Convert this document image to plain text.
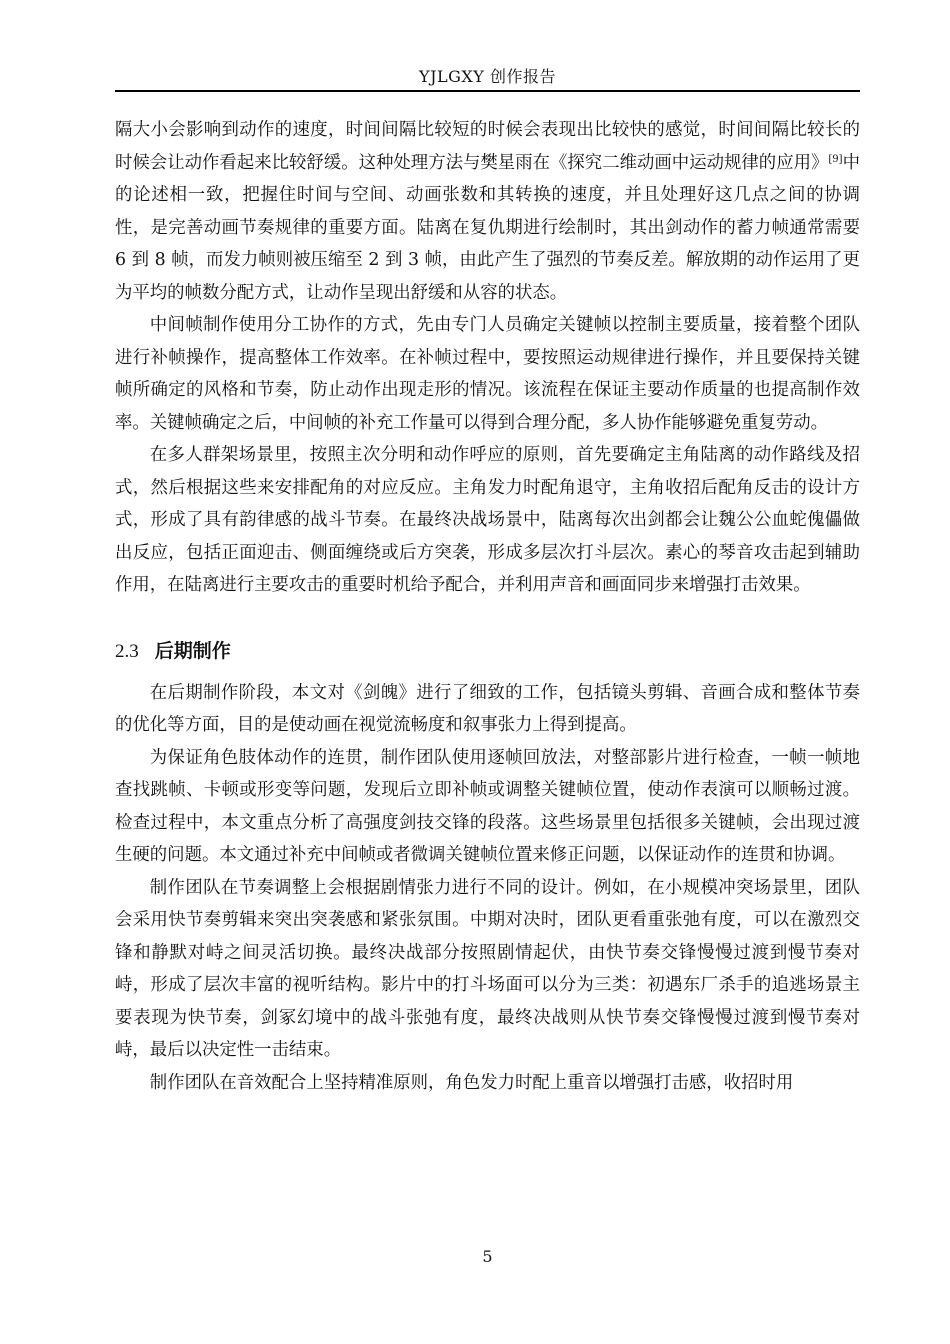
YJLGXY 创作报告

隔大小会影响到动作的速度，时间间隔比较短的时候会表现出比较快的感觉，时间间隔比较长的时候会让动作看起来比较舒缓。这种处理方法与樊星雨在《探究二维动画中运动规律的应用》[9]中的论述相一致，把握住时间与空间、动画张数和其转换的速度，并且处理好这几点之间的协调性，是完善动画节奏规律的重要方面。陆离在复仇期进行绘制时，其出剑动作的蓄力帧通常需要 6 到 8 帧，而发力帧则被压缩至 2 到 3 帧，由此产生了强烈的节奏反差。解放期的动作运用了更为平均的帧数分配方式，让动作呈现出舒缓和从容的状态。

中间帧制作使用分工协作的方式，先由专门人员确定关键帧以控制主要质量，接着整个团队进行补帧操作，提高整体工作效率。在补帧过程中，要按照运动规律进行操作，并且要保持关键帧所确定的风格和节奏，防止动作出现走形的情况。该流程在保证主要动作质量的也提高制作效率。关键帧确定之后，中间帧的补充工作量可以得到合理分配，多人协作能够避免重复劳动。

在多人群架场景里，按照主次分明和动作呼应的原则，首先要确定主角陆离的动作路线及招式，然后根据这些来安排配角的对应反应。主角发力时配角退守，主角收招后配角反击的设计方式，形成了具有韵律感的战斗节奏。在最终决战场景中，陆离每次出剑都会让魏公公血蛇傀儡做出反应，包括正面迎击、侧面缠绕或后方突袭，形成多层次打斗层次。素心的琴音攻击起到辅助作用，在陆离进行主要攻击的重要时机给予配合，并利用声音和画面同步来增强打击效果。

2.3 后期制作

在后期制作阶段，本文对《剑魄》进行了细致的工作，包括镜头剪辑、音画合成和整体节奏的优化等方面，目的是使动画在视觉流畅度和叙事张力上得到提高。

为保证角色肢体动作的连贯，制作团队使用逐帧回放法，对整部影片进行检查，一帧一帧地查找跳帧、卡顿或形变等问题，发现后立即补帧或调整关键帧位置，使动作表演可以顺畅过渡。检查过程中，本文重点分析了高强度剑技交锋的段落。这些场景里包括很多关键帧，会出现过渡生硬的问题。本文通过补充中间帧或者微调关键帧位置来修正问题，以保证动作的连贯和协调。

制作团队在节奏调整上会根据剧情张力进行不同的设计。例如，在小规模冲突场景里，团队会采用快节奏剪辑来突出突袭感和紧张氛围。中期对决时，团队更看重张弛有度，可以在激烈交锋和静默对峙之间灵活切换。最终决战部分按照剧情起伏，由快节奏交锋慢慢过渡到慢节奏对峙，形成了层次丰富的视听结构。影片中的打斗场面可以分为三类：初遇东厂杀手的追逃场景主要表现为快节奏，剑冢幻境中的战斗张弛有度，最终决战则从快节奏交锋慢慢过渡到慢节奏对峙，最后以决定性一击结束。

制作团队在音效配合上坚持精准原则，角色发力时配上重音以增强打击感，收招时用

5
